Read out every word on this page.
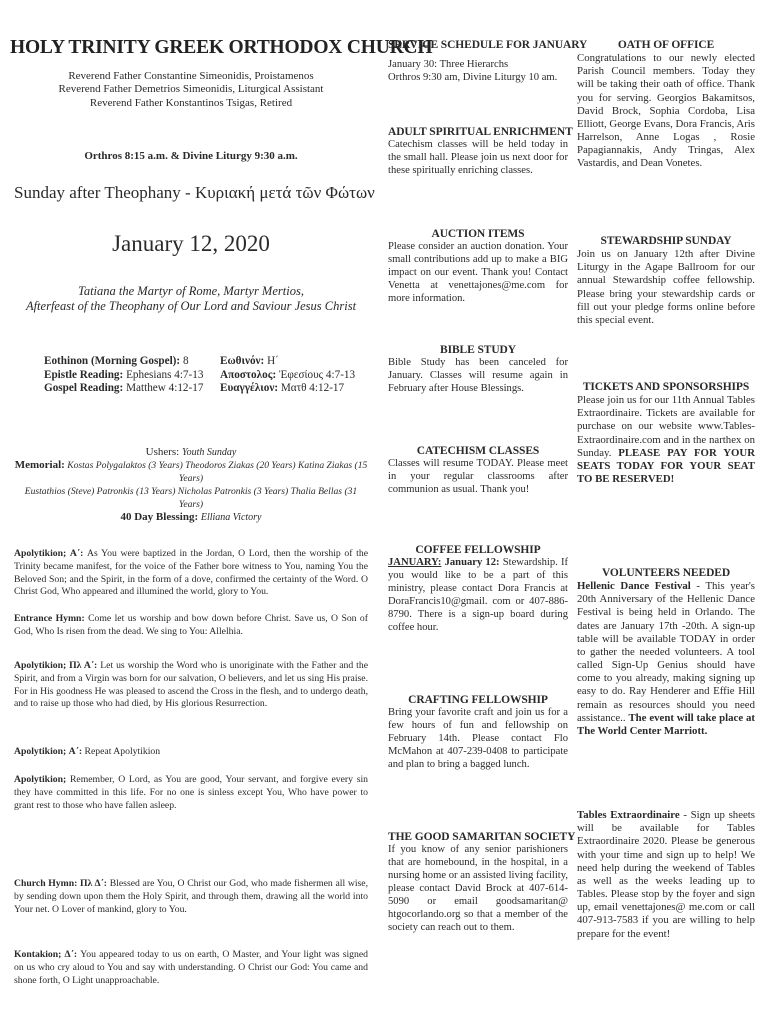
HOLY TRINITY GREEK ORTHODOX CHURCH
Reverend Father Constantine Simeonidis, Proistamenos
Reverend Father Demetrios Simeonidis, Liturgical Assistant
Reverend Father Konstantinos Tsigas, Retired
Orthros 8:15 a.m. & Divine Liturgy 9:30 a.m.
Sunday after Theophany - Κυριακή μετά τῶν Φώτων
January 12, 2020
Tatiana the Martyr of Rome, Martyr Mertios,
Afterfeast of the Theophany of Our Lord and Saviour Jesus Christ
Eothinon (Morning Gospel): 8
Epistle Reading: Ephesians 4:7-13
Gospel Reading: Matthew 4:12-17
Εωθινόν: Η΄
Αποστολος: Ἐφεσίους 4:7-13
Ευαγγέλιον: Ματθ 4:12-17
Ushers: Youth Sunday
Memorial: Kostas Polygalaktos (3 Years) Theodoros Ziakas (20 Years) Katina Ziakas (15 Years)
Eustathios (Steve) Patronkis (13 Years) Nicholas Patronkis (3 Years) Thalia Bellas (31 Years)
40 Day Blessing: Elliana Victory
Apolytikion; Α΄: As You were baptized in the Jordan, O Lord, then the worship of the Trinity became manifest, for the voice of the Father bore witness to You, naming You the Beloved Son; and the Spirit, in the form of a dove, confirmed the certainty of the Word. O Christ God, Who appeared and illumined the world, glory to You.
Entrance Hymn: Come let us worship and bow down before Christ. Save us, O Son of God, Who Is risen from the dead. We sing to You: Allelhia.
Apolytikion; Πλ Α΄: Let us worship the Word who is unoriginate with the Father and the Spirit, and from a Virgin was born for our salvation, O believers, and let us sing His praise. For in His goodness He was pleased to ascend the Cross in the flesh, and to undergo death, and to raise up those who had died, by His glorious Resurrection.
Apolytikion; Α΄: Repeat Apolytikion
Apolytikion; Remember, O Lord, as You are good, Your servant, and forgive every sin they have committed in this life. For no one is sinless except You, Who have power to grant rest to those who have fallen asleep.
Church Hymn: Πλ Δ΄: Blessed are You, O Christ our God, who made fishermen all wise, by sending down upon them the Holy Spirit, and through them, drawing all the world into Your net. O Lover of mankind, glory to You.
Kontakion; Δ΄: You appeared today to us on earth, O Master, and Your light was signed on us who cry aloud to You and say with understanding. O Christ our God: You came and shone forth, O Light unapproachable.
SERVICE SCHEDULE FOR JANUARY
January 30: Three Hierarchs
Orthros 9:30 am, Divine Liturgy 10 am.
ADULT SPIRITUAL ENRICHMENT
Catechism classes will be held today in the small hall. Please join us next door for these spiritually enriching classes.
AUCTION ITEMS
Please consider an auction donation. Your small contributions add up to make a BIG impact on our event. Thank you! Contact Venetta at venettajones@me.com for more information.
BIBLE STUDY
Bible Study has been canceled for January. Classes will resume again in February after House Blessings.
CATECHISM CLASSES
Classes will resume TODAY. Please meet in your regular classrooms after communion as usual. Thank you!
COFFEE FELLOWSHIP
JANUARY: January 12: Stewardship. If you would like to be a part of this ministry, please contact Dora Francis at DoraFrancis10@gmail. com or 407-886-8790. There is a sign-up board during coffee hour.
CRAFTING FELLOWSHIP
Bring your favorite craft and join us for a few hours of fun and fellowship on February 14th. Please contact Flo McMahon at 407-239-0408 to participate and plan to bring a bagged lunch.
THE GOOD SAMARITAN SOCIETY
If you know of any senior parishioners that are homebound, in the hospital, in a nursing home or an assisted living facility, please contact David Brock at 407-614-5090 or email goodsamaritan@ htgocorlando.org so that a member of the society can reach out to them.
OATH OF OFFICE
Congratulations to our newly elected Parish Council members. Today they will be taking their oath of office. Thank you for serving. Georgios Bakamitsos, David Brock, Sophia Cordoba, Lisa Elliott, George Evans, Dora Francis, Aris Harrelson, Anne Logas , Rosie Papagiannakis, Andy Tringas, Alex Vastardis, and Dean Vonetes.
STEWARDSHIP SUNDAY
Join us on January 12th after Divine Liturgy in the Agape Ballroom for our annual Stewardship coffee fellowship. Please bring your stewardship cards or fill out your pledge forms online before this special event.
TICKETS AND SPONSORSHIPS
Please join us for our 11th Annual Tables Extraordinaire. Tickets are available for purchase on our website www.Tables-Extraordinaire.com and in the narthex on Sunday. PLEASE PAY FOR YOUR SEATS TODAY FOR YOUR SEAT TO BE RESERVED!
VOLUNTEERS NEEDED
Hellenic Dance Festival - This year's 20th Anniversary of the Hellenic Dance Festival is being held in Orlando. The dates are January 17th -20th. A sign-up table will be available TODAY in order to gather the needed volunteers. A tool called Sign-Up Genius should have come to you already, making signing up easy to do. Ray Henderer and Effie Hill remain as resources should you need assistance.. The event will take place at The World Center Marriott.
Tables Extraordinaire - Sign up sheets will be available for Tables Extraordinaire 2020. Please be generous with your time and sign up to help! We need help during the weekend of Tables as well as the weeks leading up to Tables. Please stop by the foyer and sign up, email venettajones@ me.com or call 407-913-7583 if you are willing to help prepare for the event!
